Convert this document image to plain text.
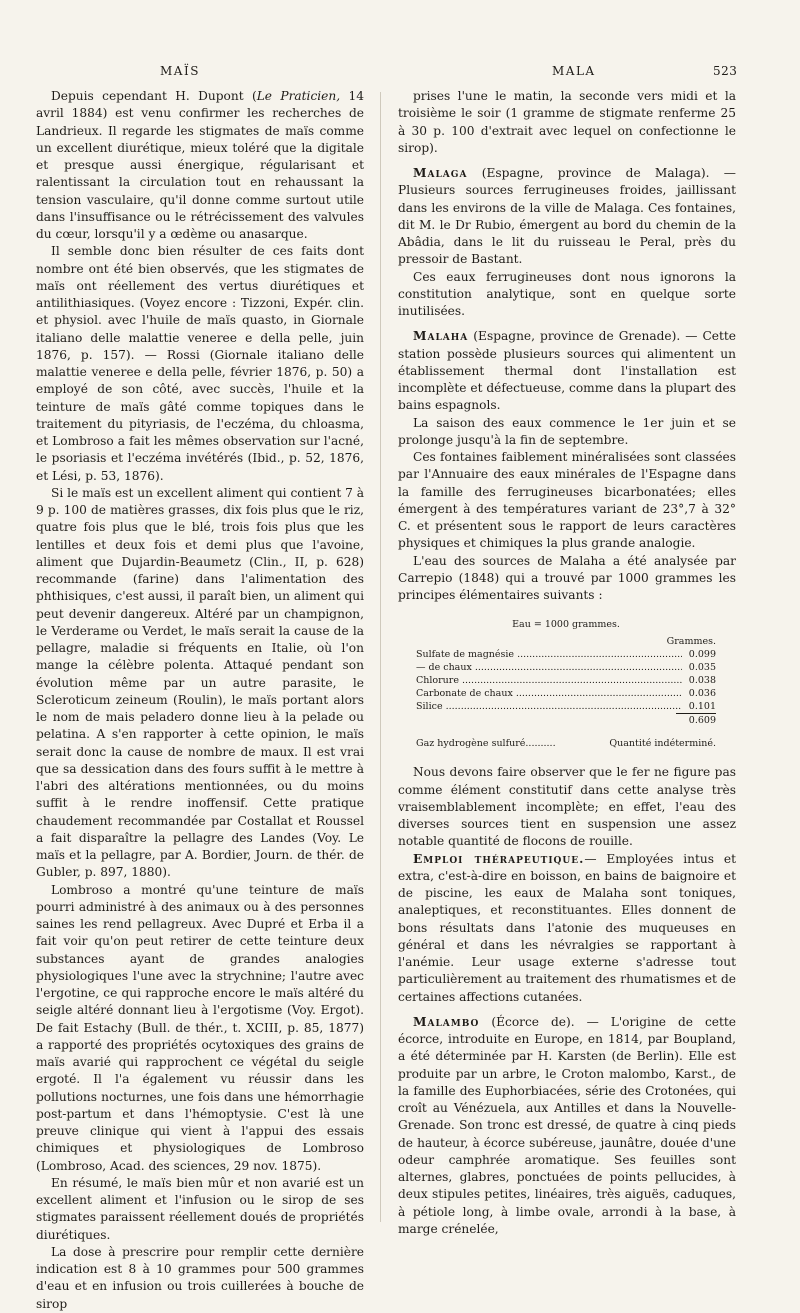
MAÏS	MALA	523

Depuis cependant H. Dupont (Le Praticien, 14 avril 1884) est venu confirmer les recherches de Landrieux. Il regarde les stigmates de maïs comme un excellent diurétique, mieux toléré que la digitale et presque aussi énergique, régularisant et ralentissant la circulation tout en rehaussant la tension vasculaire, qu'il donne comme surtout utile dans l'insuffisance ou le rétrécissement des valvules du cœur, lorsqu'il y a œdème ou anasarque.

Il semble donc bien résulter de ces faits dont nombre ont été bien observés, que les stigmates de maïs ont réellement des vertus diurétiques et antilithiasiques. (Voyez encore : Tizzoni, Expér. clin. et physiol. avec l'huile de maïs quasto, in Giornale italiano delle malattie veneree e della pelle, juin 1876, p. 157). — Rossi (Giornale italiano delle malattie veneree e della pelle, février 1876, p. 50) a employé de son côté, avec succès, l'huile et la teinture de maïs gâté comme topiques dans le traitement du pityriasis, de l'eczéma, du chloasma, et Lombroso a fait les mêmes observation sur l'acné, le psoriasis et l'eczéma invétérés (Ibid., p. 52, 1876, et Lési, p. 53, 1876).

Si le maïs est un excellent aliment qui contient 7 à 9 p. 100 de matières grasses, dix fois plus que le riz, quatre fois plus que le blé, trois fois plus que les lentilles et deux fois et demi plus que l'avoine, aliment que Dujardin-Beaumetz (Clin., II, p. 628) recommande (farine) dans l'alimentation des phthisiques, c'est aussi, il paraît bien, un aliment qui peut devenir dangereux. Altéré par un champignon, le Verderame ou Verdet, le maïs serait la cause de la pellagre, maladie si fréquents en Italie, où l'on mange la célèbre polenta. Attaqué pendant son évolution même par un autre parasite, le Scleroticum zeineum (Roulin), le maïs portant alors le nom de mais peladero donne lieu à la pelade ou pelatina. A s'en rapporter à cette opinion, le maïs serait donc la cause de nombre de maux. Il est vrai que sa dessication dans des fours suffit à le mettre à l'abri des altérations mentionnées, ou du moins suffit à le rendre inoffensif. Cette pratique chaudement recommandée par Costallat et Roussel a fait disparaître la pellagre des Landes (Voy. Le maïs et la pellagre, par A. Bordier, Journ. de thér. de Gubler, p. 897, 1880).

Lombroso a montré qu'une teinture de maïs pourri administré à des animaux ou à des personnes saines les rend pellagreux. Avec Dupré et Erba il a fait voir qu'on peut retirer de cette teinture deux substances ayant de grandes analogies physiologiques l'une avec la strychnine; l'autre avec l'ergotine, ce qui rapproche encore le maïs altéré du seigle altéré donnant lieu à l'ergotisme (Voy. Ergot). De fait Estachy (Bull. de thér., t. XCIII, p. 85, 1877) a rapporté des propriétés ocytoxiques des grains de maïs avarié qui rapprochent ce végétal du seigle ergoté. Il l'a également vu réussir dans les pollutions nocturnes, une fois dans une hémorrhagie post-partum et dans l'hémoptysie. C'est là une preuve clinique qui vient à l'appui des essais chimiques et physiologiques de Lombroso (Lombroso, Acad. des sciences, 29 nov. 1875).

En résumé, le maïs bien mûr et non avarié est un excellent aliment et l'infusion ou le sirop de ses stigmates paraissent réellement doués de propriétés diurétiques.

La dose à prescrire pour remplir cette dernière indication est 8 à 10 grammes pour 500 grammes d'eau et en infusion ou trois cuillerées à bouche de sirop

prises l'une le matin, la seconde vers midi et la troisième le soir (1 gramme de stigmate renferme 25 à 30 p. 100 d'extrait avec lequel on confectionne le sirop).

Malaga (Espagne, province de Malaga). — Plusieurs sources ferrugineuses froides, jaillissant dans les environs de la ville de Malaga. Ces fontaines, dit M. le Dr Rubio, émergent au bord du chemin de la Abâdia, dans le lit du ruisseau le Peral, près du pressoir de Bastant.

Ces eaux ferrugineuses dont nous ignorons la constitution analytique, sont en quelque sorte inutilisées.

Malaha (Espagne, province de Grenade). — Cette station possède plusieurs sources qui alimentent un établissement thermal dont l'installation est incomplète et défectueuse, comme dans la plupart des bains espagnols.

La saison des eaux commence le 1er juin et se prolonge jusqu'à la fin de septembre.

Ces fontaines faiblement minéralisées sont classées par l'Annuaire des eaux minérales de l'Espagne dans la famille des ferrugineuses bicarbonatées; elles émergent à des températures variant de 23°,7 à 32° C. et présentent sous le rapport de leurs caractères physiques et chimiques la plus grande analogie.

L'eau des sources de Malaha a été analysée par Carrepio (1848) qui a trouvé par 1000 grammes les principes élémentaires suivants :

Eau = 1000 grammes.
Grammes.
Sulfate de magnésie .....	0.099
— de chaux .....	0.035
Chlorure .....	0.038
Carbonate de chaux .....	0.036
Silice .....	0.101
0.609
Gaz hydrogène sulfuré..........	Quantité indéterminé.

Nous devons faire observer que le fer ne figure pas comme élément constitutif dans cette analyse très vraisemblablement incomplète; en effet, l'eau des diverses sources tient en suspension une assez notable quantité de flocons de rouille.

Emploi thérapeutique.— Employées intus et extra, c'est-à-dire en boisson, en bains de baignoire et de piscine, les eaux de Malaha sont toniques, analeptiques, et reconstituantes. Elles donnent de bons résultats dans l'atonie des muqueuses en général et dans les névralgies se rapportant à l'anémie. Leur usage externe s'adresse tout particulièrement au traitement des rhumatismes et de certaines affections cutanées.

Malambo (Écorce de). — L'origine de cette écorce, introduite en Europe, en 1814, par Boupland, a été déterminée par H. Karsten (de Berlin). Elle est produite par un arbre, le Croton malombo, Karst., de la famille des Euphorbiacées, série des Crotonées, qui croît au Vénézuela, aux Antilles et dans la Nouvelle-Grenade. Son tronc est dressé, de quatre à cinq pieds de hauteur, à écorce subéreuse, jaunâtre, douée d'une odeur camphrée aromatique. Ses feuilles sont alternes, glabres, ponctuées de points pellucides, à deux stipules petites, linéaires, très aiguës, caduques, à pétiole long, à limbe ovale, arrondi à la base, à marge crénelée,
